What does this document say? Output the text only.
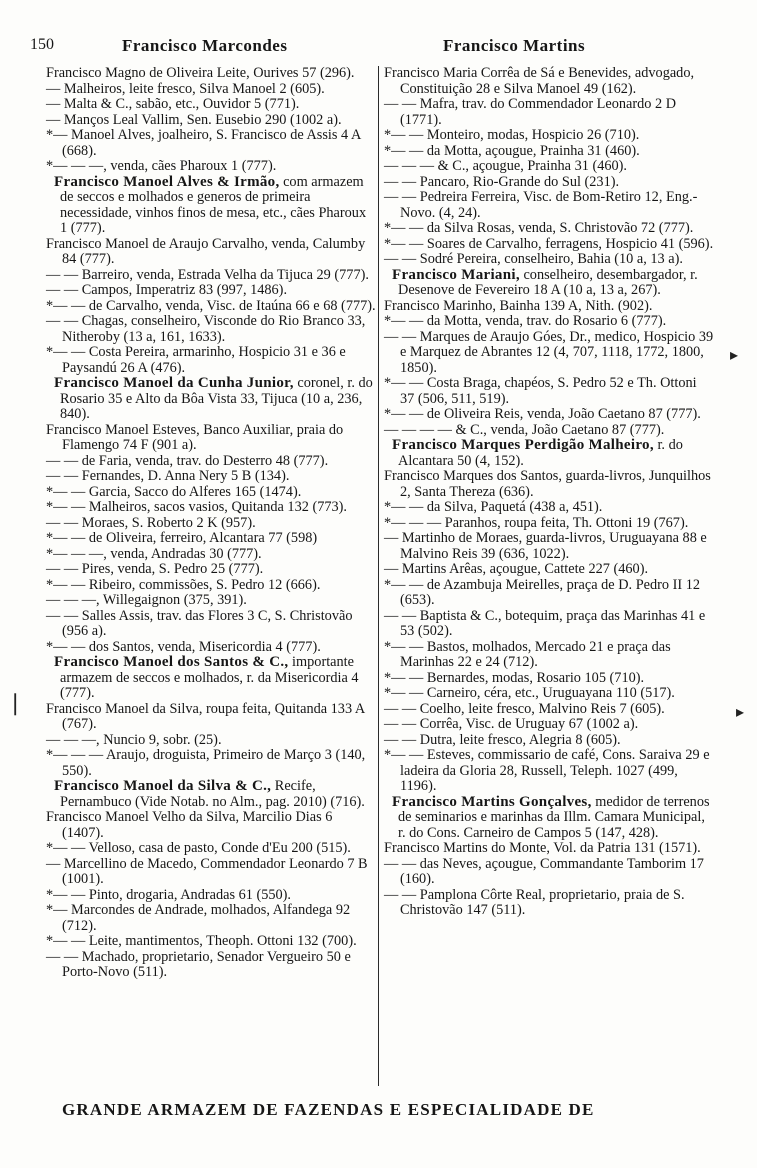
150	Francisco Marcondes	Francisco Martins

Francisco Magno de Oliveira Leite, Ourives 57 (296).

— Malheiros, leite fresco, Silva Manoel 2 (605).

— Malta & C., sabão, etc., Ouvidor 5 (771).

— Manços Leal Vallim, Sen. Eusebio 290 (1002 a).

*— Manoel Alves, joalheiro, S. Francisco de Assis 4 A (668).

*— — —, venda, cães Pharoux 1 (777).

Francisco Manoel Alves & Irmão, com armazem de seccos e molhados e generos de primeira necessidade, vinhos finos de mesa, etc., cães Pharoux 1 (777).

Francisco Manoel de Araujo Carvalho, venda, Calumby 84 (777).

— — Barreiro, venda, Estrada Velha da Tijuca 29 (777).

— — Campos, Imperatriz 83 (997, 1486).

*— — de Carvalho, venda, Visc. de Itaúna 66 e 68 (777).

— — Chagas, conselheiro, Visconde do Rio Branco 33, Nitheroby (13 a, 161, 1633).

*— — Costa Pereira, armarinho, Hospicio 31 e 36 e Paysandú 26 A (476).

Francisco Manoel da Cunha Junior, coronel, r. do Rosario 35 e Alto da Bôa Vista 33, Tijuca (10 a, 236, 840).

Francisco Manoel Esteves, Banco Auxiliar, praia do Flamengo 74 F (901 a).

— — de Faria, venda, trav. do Desterro 48 (777).

— — Fernandes, D. Anna Nery 5 B (134).

*— — Garcia, Sacco do Alferes 165 (1474).

*— — Malheiros, sacos vasios, Quitanda 132 (773).

— — Moraes, S. Roberto 2 K (957).

*— — de Oliveira, ferreiro, Alcantara 77 (598)

*— — —, venda, Andradas 30 (777).

— — Pires, venda, S. Pedro 25 (777).

*— — Ribeiro, commissões, S. Pedro 12 (666).

— — —, Willegaignon (375, 391).

— — Salles Assis, trav. das Flores 3 C, S. Christovão (956 a).

*— — dos Santos, venda, Misericordia 4 (777).

Francisco Manoel dos Santos & C., importante armazem de seccos e molhados, r. da Misericordia 4 (777).

Francisco Manoel da Silva, roupa feita, Quitanda 133 A (767).

— — —, Nuncio 9, sobr. (25).

*— — — Araujo, droguista, Primeiro de Março 3 (140, 550).

Francisco Manoel da Silva & C., Recife, Pernambuco (Vide Notab. no Alm., pag. 2010) (716).

Francisco Manoel Velho da Silva, Marcilio Dias 6 (1407).

*— — Velloso, casa de pasto, Conde d'Eu 200 (515).

— Marcellino de Macedo, Commendador Leonardo 7 B (1001).

*— — Pinto, drogaria, Andradas 61 (550).

*— Marcondes de Andrade, molhados, Alfandega 92 (712).

*— — Leite, mantimentos, Theoph. Ottoni 132 (700).

— — Machado, proprietario, Senador Vergueiro 50 e Porto-Novo (511).

Francisco Maria Corrêa de Sá e Benevides, advogado, Constituição 28 e Silva Manoel 49 (162).

— — Mafra, trav. do Commendador Leonardo 2 D (1771).

*— — Monteiro, modas, Hospicio 26 (710).

*— — da Motta, açougue, Prainha 31 (460).

— — — & C., açougue, Prainha 31 (460).

— — Pancaro, Rio-Grande do Sul (231).

— — Pedreira Ferreira, Visc. de Bom-Retiro 12, Eng.-Novo. (4, 24).

*— — da Silva Rosas, venda, S. Christovão 72 (777).

*— — Soares de Carvalho, ferragens, Hospicio 41 (596).

— — Sodré Pereira, conselheiro, Bahia (10 a, 13 a).

Francisco Mariani, conselheiro, desembargador, r. Desenove de Fevereiro 18 A (10 a, 13 a, 267).

Francisco Marinho, Bainha 139 A, Nith. (902).

*— — da Motta, venda, trav. do Rosario 6 (777).

— — Marques de Araujo Góes, Dr., medico, Hospicio 39 e Marquez de Abrantes 12 (4, 707, 1118, 1772, 1800, 1850).

*— — Costa Braga, chapéos, S. Pedro 52 e Th. Ottoni 37 (506, 511, 519).

*— — de Oliveira Reis, venda, João Caetano 87 (777).

— — — — & C., venda, João Caetano 87 (777).

Francisco Marques Perdigão Malheiro, r. do Alcantara 50 (4, 152).

Francisco Marques dos Santos, guarda-livros, Junquilhos 2, Santa Thereza (636).

*— — da Silva, Paquetá (438 a, 451).

*— — — Paranhos, roupa feita, Th. Ottoni 19 (767).

— Martinho de Moraes, guarda-livros, Uruguayana 88 e Malvino Reis 39 (636, 1022).

— Martins Arêas, açougue, Cattete 227 (460).

*— — de Azambuja Meirelles, praça de D. Pedro II 12 (653).

— — Baptista & C., botequim, praça das Marinhas 41 e 53 (502).

*— — Bastos, molhados, Mercado 21 e praça das Marinhas 22 e 24 (712).

*— — Bernardes, modas, Rosario 105 (710).

*— — Carneiro, céra, etc., Uruguayana 110 (517).

— — Coelho, leite fresco, Malvino Reis 7 (605).

— — Corrêa, Visc. de Uruguay 67 (1002 a).

— — Dutra, leite fresco, Alegria 8 (605).

*— — Esteves, commissario de café, Cons. Saraiva 29 e ladeira da Gloria 28, Russell, Teleph. 1027 (499, 1196).

Francisco Martins Gonçalves, medidor de terrenos de seminarios e marinhas da Illm. Camara Municipal, r. do Cons. Carneiro de Campos 5 (147, 428).

Francisco Martins do Monte, Vol. da Patria 131 (1571).

— — das Neves, açougue, Commandante Tamborim 17 (160).

— — Pamplona Côrte Real, proprietario, praia de S. Christovão 147 (511).

GRANDE ARMAZEM DE FAZENDAS E ESPECIALIDADE DE
▸
❘	▸
